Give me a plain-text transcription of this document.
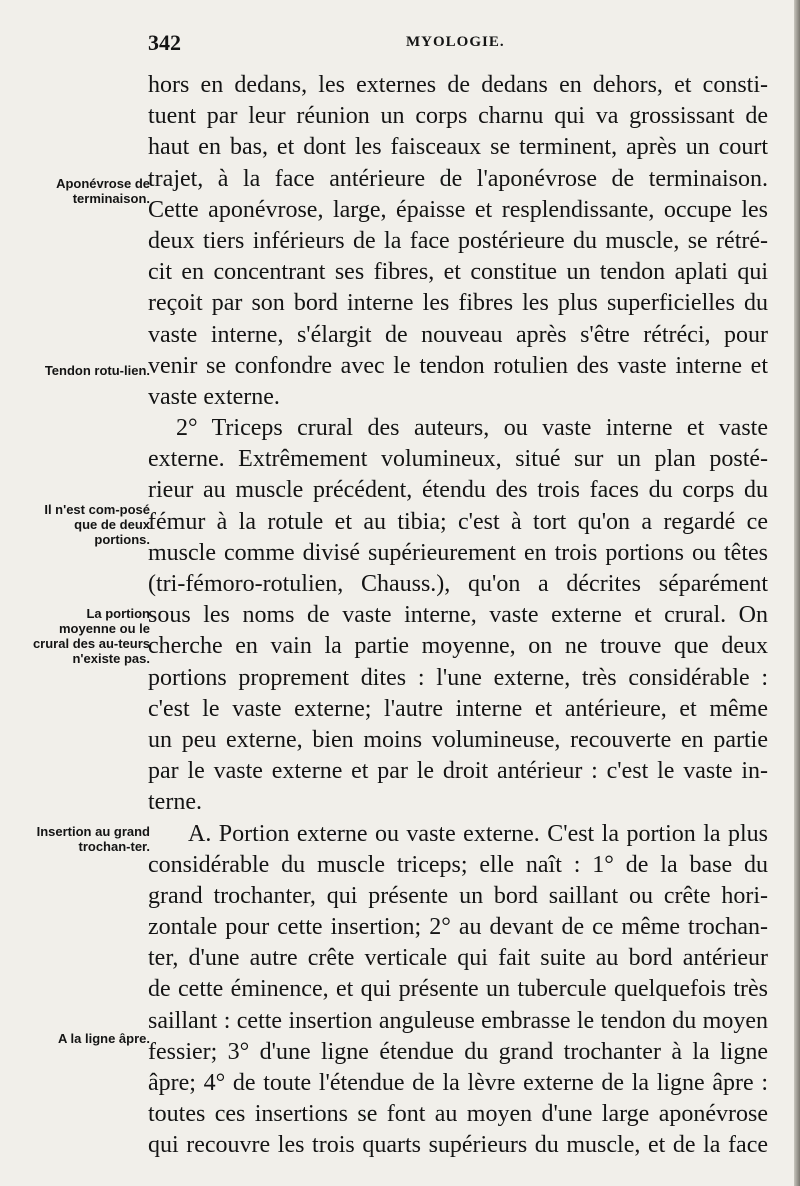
342	MYOLOGIE.
Aponévrose de terminaison.
Tendon rotu-lien.
Il n'est com-posé que de deux portions.
La portion moyenne ou le crural des au-teurs n'existe pas.
Insertion au grand trochan-ter.
A la ligne âpre.
hors en dedans, les externes de dedans en dehors, et consti-
tuent par leur réunion un corps charnu qui va grossissant de
haut en bas, et dont les faisceaux se terminent, après un court
trajet, à la face antérieure de l'aponévrose de terminaison.
Cette aponévrose, large, épaisse et resplendissante, occupe les
deux tiers inférieurs de la face postérieure du muscle, se rétré-
cit en concentrant ses fibres, et constitue un tendon aplati qui
reçoit par son bord interne les fibres les plus superficielles du
vaste interne, s'élargit de nouveau après s'être rétréci, pour
venir se confondre avec le tendon rotulien des vaste interne et
vaste externe.
2° Triceps crural des auteurs, ou vaste interne et vaste
externe. Extrêmement volumineux, situé sur un plan posté-
rieur au muscle précédent, étendu des trois faces du corps du
fémur à la rotule et au tibia; c'est à tort qu'on a regardé ce
muscle comme divisé supérieurement en trois portions ou têtes
(tri-fémoro-rotulien, Chauss.), qu'on a décrites séparément
sous les noms de vaste interne, vaste externe et crural. On
cherche en vain la partie moyenne, on ne trouve que deux
portions proprement dites : l'une externe, très considérable :
c'est le vaste externe; l'autre interne et antérieure, et même
un peu externe, bien moins volumineuse, recouverte en partie
par le vaste externe et par le droit antérieur : c'est le vaste in-
terne.
A. Portion externe ou vaste externe. C'est la portion la plus
considérable du muscle triceps; elle naît : 1° de la base du
grand trochanter, qui présente un bord saillant ou crête hori-
zontale pour cette insertion; 2° au devant de ce même trochan-
ter, d'une autre crête verticale qui fait suite au bord antérieur
de cette éminence, et qui présente un tubercule quelquefois très
saillant : cette insertion anguleuse embrasse le tendon du moyen
fessier; 3° d'une ligne étendue du grand trochanter à la ligne
âpre; 4° de toute l'étendue de la lèvre externe de la ligne âpre :
toutes ces insertions se font au moyen d'une large aponévrose
qui recouvre les trois quarts supérieurs du muscle, et de la face
